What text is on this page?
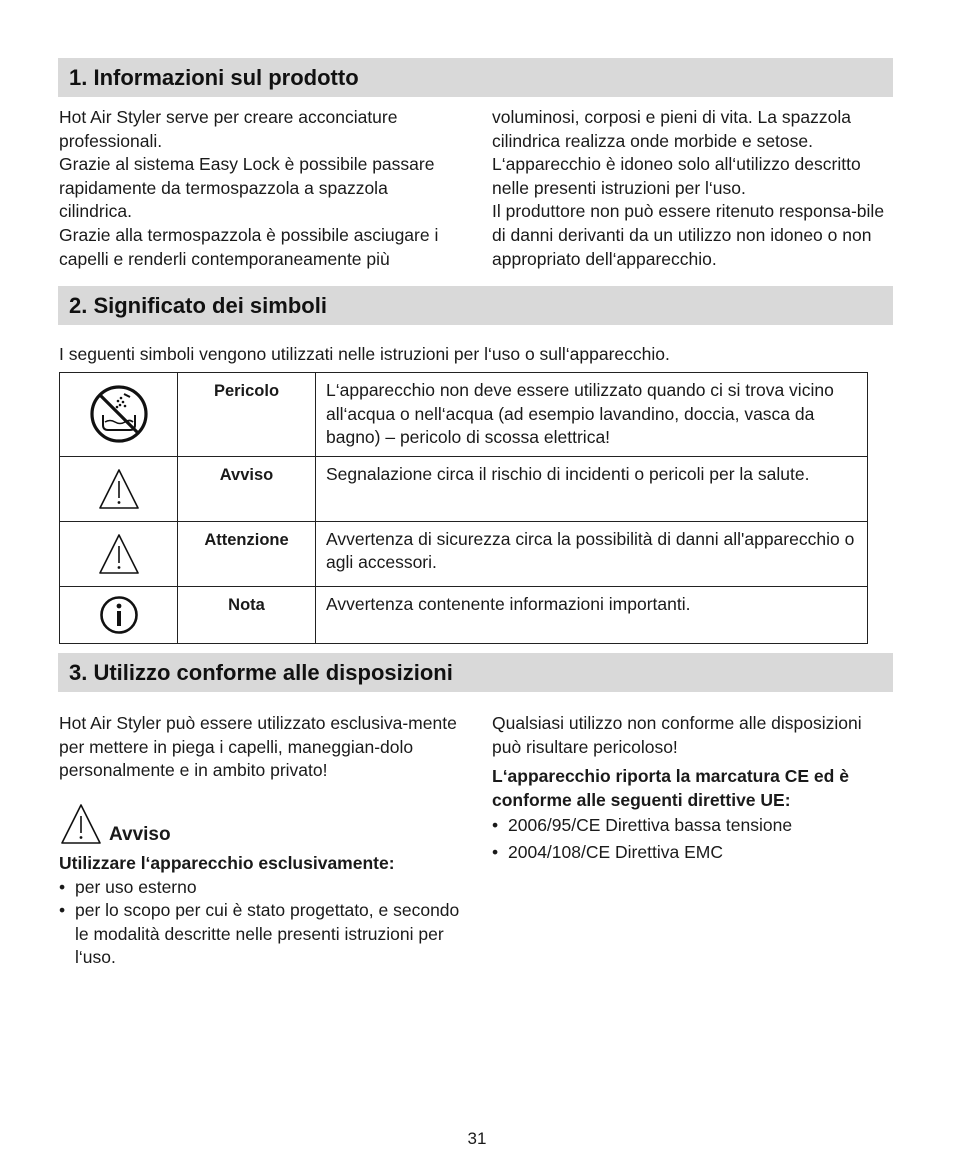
1. Informazioni sul prodotto

Hot Air Styler serve per creare acconciature professionali.

Grazie al sistema Easy Lock è possibile passare rapidamente da termospazzola a spazzola cilindrica.

Grazie alla termospazzola è possibile asciugare i capelli e renderli contemporaneamente più

voluminosi, corposi e pieni di vita. La spazzola cilindrica realizza onde morbide e setose.

L‘apparecchio è idoneo solo all‘utilizzo descritto nelle presenti istruzioni per l‘uso.

Il produttore non può essere ritenuto responsa-bile di danni derivanti da un utilizzo non idoneo o non appropriato dell‘apparecchio.

2. Significato dei simboli
I seguenti simboli vengono utilizzati nelle istruzioni per l‘uso o sull‘apparecchio.
	Pericolo	L‘apparecchio non deve essere utilizzato quando ci si trova vicino all‘acqua o nell‘acqua (ad esempio lavandino, doccia, vasca da bagno) – pericolo di scossa elettrica!

	Avviso	Segnalazione circa il rischio di incidenti o pericoli per la salute.

	Attenzione	Avvertenza di sicurezza circa la possibilità di danni all'apparecchio o agli accessori.

	Nota	Avvertenza contenente informazioni importanti.
3. Utilizzo conforme alle disposizioni
Hot Air Styler può essere utilizzato esclusiva-mente per mettere in piega i capelli, maneggian-dolo personalmente e in ambito privato!
Avviso

Utilizzare l‘apparecchio esclusivamente:

• per uso esterno

• per lo scopo per cui è stato progettato, e secondo le modalità descritte nelle presenti istruzioni per l‘uso.

Qualsiasi utilizzo non conforme alle disposizioni può risultare pericoloso!

L‘apparecchio riporta la marcatura CE ed è conforme alle seguenti direttive UE:

• 2006/95/CE Direttiva bassa tensione

• 2004/108/CE Direttiva EMC

31
